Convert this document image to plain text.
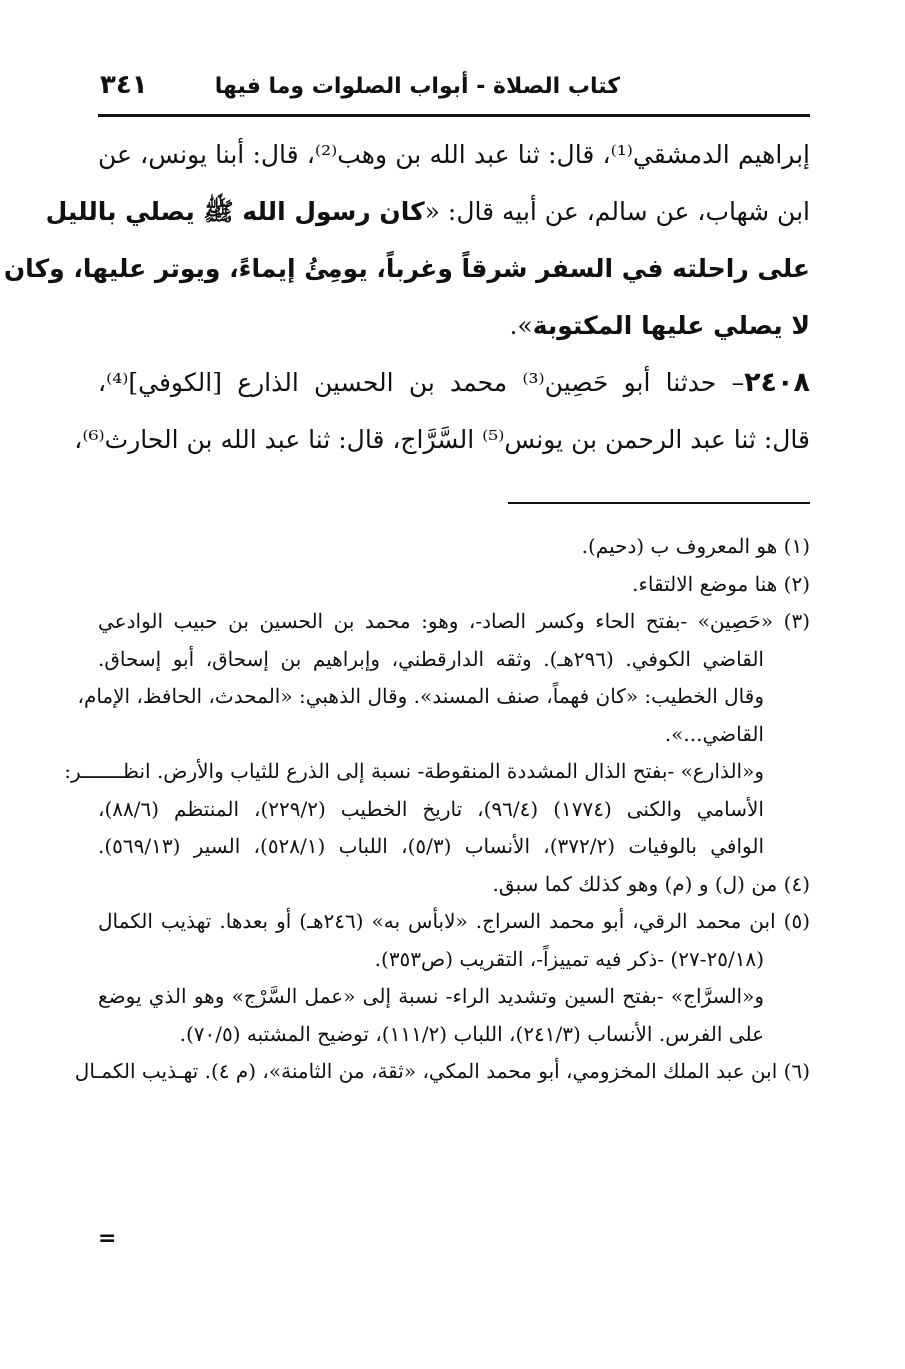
كتاب الصلاة - أبواب الصلوات وما فيها
٣٤١
إبراهيم الدمشقي⁽¹⁾، قال: ثنا عبد الله بن وهب⁽²⁾، قال: أبنا يونس، عن
ابن شهاب، عن سالم، عن أبيه قال: «كان رسول الله ﷺ يصلي بالليل
على راحلته في السفر شرقاً وغرباً، يومِئُ إيماءً، ويوتر عليها، وكان
لا يصلي عليها المكتوبة».
٢٤٠٨– حدثنا أبو حَصِين⁽³⁾ محمد بن الحسين الذارع [الكوفي]⁽⁴⁾،
قال: ثنا عبد الرحمن بن يونس⁽⁵⁾ السَّرَّاج، قال: ثنا عبد الله بن الحارث⁽⁶⁾،
(١) هو المعروف ب (دحيم).
(٢) هنا موضع الالتقاء.
(٣) «حَصِين» -بفتح الحاء وكسر الصاد-، وهو: محمد بن الحسين بن حبيب الوادعي
القاضي الكوفي. (٢٩٦هـ). وثقه الدارقطني، وإبراهيم بن إسحاق، أبو إسحاق.
وقال الخطيب: «كان فهماً، صنف المسند». وقال الذهبي: «المحدث، الحافظ، الإمام،
القاضي...».
و«الذارع» -بفتح الذال المشددة المنقوطة- نسبة إلى الذرع للثياب والأرض. انظـــــــر:
الأسامي والكنى (١٧٧٤) (٩٦/٤)، تاريخ الخطيب (٢٢٩/٢)، المنتظم (٨٨/٦)،
الوافي بالوفيات (٣٧٢/٢)، الأنساب (٥/٣)، اللباب (٥٢٨/١)، السير (٥٦٩/١٣).
(٤) من (ل) و (م) وهو كذلك كما سبق.
(٥) ابن محمد الرقي، أبو محمد السراج. «لابأس به» (٢٤٦هـ) أو بعدها. تهذيب الكمال
(٢٥/١٨-٢٧) -ذكر فيه تمييزاً-، التقريب (ص٣٥٣).
و«السرَّاج» -بفتح السين وتشديد الراء- نسبة إلى «عمل السَّرْج» وهو الذي يوضع
على الفرس. الأنساب (٢٤١/٣)، اللباب (١١١/٢)، توضيح المشتبه (٧٠/٥).
(٦) ابن عبد الملك المخزومي، أبو محمد المكي، «ثقة، من الثامنة»، (م ٤). تهـذيب الكمـال
=
